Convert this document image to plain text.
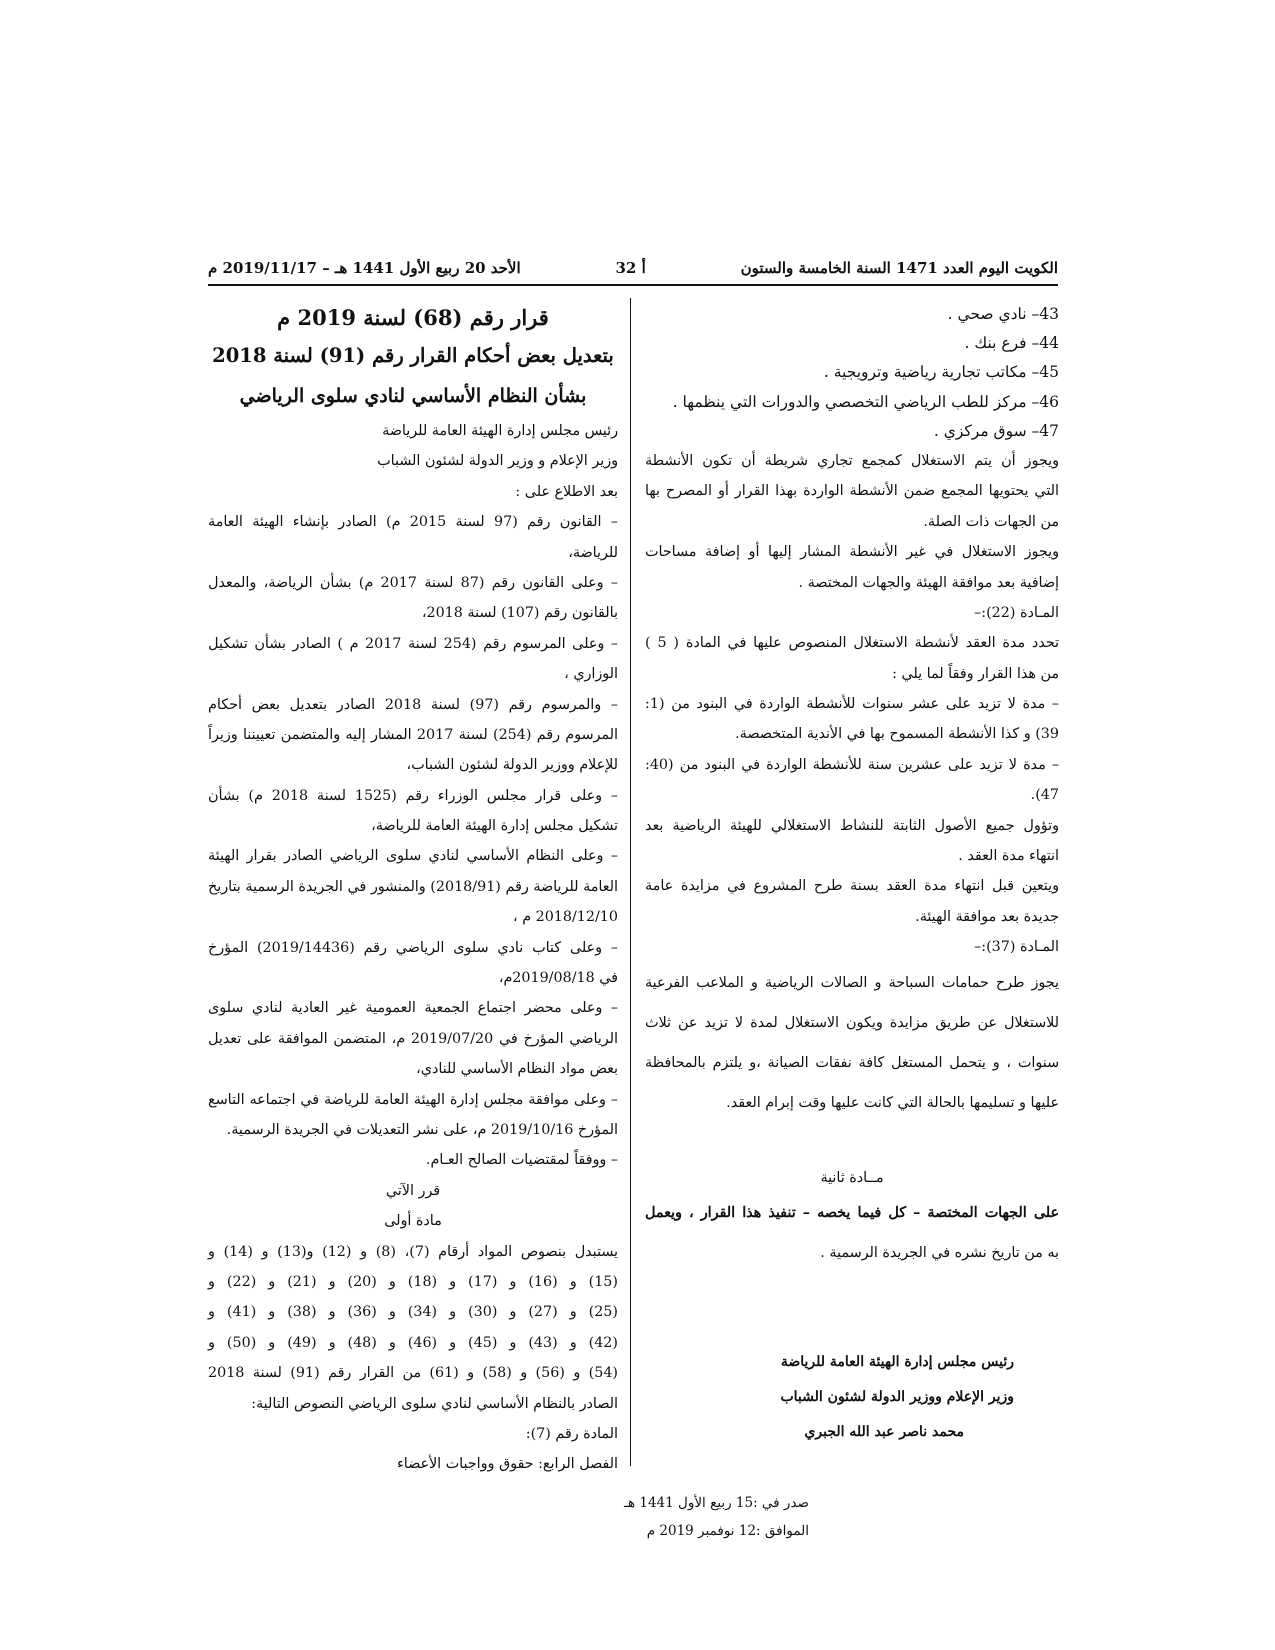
الكويت اليوم العدد 1471 السنة الخامسة والستون
أ 32
الأحد 20 ربيع الأول 1441 هـ – 2019/11/17 م
43– نادي صحي .
44– فرع بنك .
45– مكاتب تجارية رياضية وترويجية .
46– مركز للطب الرياضي التخصصي والدورات التي ينظمها .
47– سوق مركزي .
ويجوز أن يتم الاستغلال كمجمع تجاري شريطة أن تكون الأنشطة
التي يحتويها المجمع ضمن الأنشطة الواردة بهذا القرار أو المصرح بها
من الجهات ذات الصلة.
ويجوز الاستغلال في غير الأنشطة المشار إليها أو إضافة مساحات
إضافية بعد موافقة الهيئة والجهات المختصة .
المـادة (22):–
تحدد مدة العقد لأنشطة الاستغلال المنصوص عليها في المادة ( 5 )
من هذا القرار وفقاً لما يلي :
– مدة لا تزيد على عشر سنوات للأنشطة الواردة في البنود من (1:
39) و كذا الأنشطة المسموح بها في الأندية المتخصصة.
– مدة لا تزيد على عشرين سنة للأنشطة الواردة في البنود من (40:
47).
وتؤول جميع الأصول الثابتة للنشاط الاستغلالي للهيئة الرياضية بعد
انتهاء مدة العقد .
ويتعين قبل انتهاء مدة العقد بسنة طرح المشروع في مزايدة عامة
جديدة بعد موافقة الهيئة.
المـادة (37):–
يجوز طرح حمامات السباحة و الصالات الرياضية و الملاعب الفرعية
للاستغلال عن طريق مزايدة ويكون الاستغلال لمدة لا تزيد عن ثلاث
سنوات ، و يتحمل المستغل كافة نفقات الصيانة ،و يلتزم بالمحافظة
عليها و تسليمها بالحالة التي كانت عليها وقت إبرام العقد.
مــادة ثانية
على الجهات المختصة – كل فيما يخصه – تنفيذ هذا القرار ، ويعمل
به من تاريخ نشره في الجريدة الرسمية .
رئيس مجلس إدارة الهيئة العامة للرياضة
وزير الإعلام ووزير الدولة لشئون الشباب
محمد ناصر عبد الله الجبري
صدر في :15 ربيع الأول 1441 هـ
الموافق :12 نوفمبر 2019 م
قرار رقم (68) لسنة 2019 م
بتعديل بعض أحكام القرار رقم (91) لسنة 2018
بشأن النظام الأساسي لنادي سلوى الرياضي
رئيس مجلس إدارة الهيئة العامة للرياضة
وزير الإعلام و وزير الدولة لشئون الشباب
بعد الاطلاع على :
– القانون رقم (97 لسنة 2015 م) الصادر بإنشاء الهيئة العامة
للرياضة،
– وعلى القانون رقم (87 لسنة 2017 م) بشأن الرياضة، والمعدل
بالقانون رقم (107) لسنة 2018،
– وعلى المرسوم رقم (254 لسنة 2017 م ) الصادر بشأن تشكيل
الوزاري ،
– والمرسوم رقم (97) لسنة 2018 الصادر بتعديل بعض أحكام
المرسوم رقم (254) لسنة 2017 المشار إليه والمتضمن تعييننا وزيراً
للإعلام ووزير الدولة لشئون الشباب،
– وعلى قرار مجلس الوزراء رقم (1525 لسنة 2018 م) بشأن
تشكيل مجلس إدارة الهيئة العامة للرياضة،
– وعلى النظام الأساسي لنادي سلوى الرياضي الصادر بقرار الهيئة
العامة للرياضة رقم (2018/91) والمنشور في الجريدة الرسمية بتاريخ
2018/12/10 م ،
– وعلى كتاب نادي سلوى الرياضي رقم (2019/14436) المؤرخ
في 2019/08/18م،
– وعلى محضر اجتماع الجمعية العمومية غير العادية لنادي سلوى
الرياضي المؤرخ في 2019/07/20 م، المتضمن الموافقة على تعديل
بعض مواد النظام الأساسي للنادي،
– وعلى موافقة مجلس إدارة الهيئة العامة للرياضة في اجتماعه التاسع
المؤرخ 2019/10/16 م، على نشر التعديلات في الجريدة الرسمية.
– ووفقاً لمقتضيات الصالح العـام.
قرر الآتي
مادة أولى
يستبدل بنصوص المواد أرقام (7)، (8) و (12) و(13) و (14) و
(15) و (16) و (17) و (18) و (20) و (21) و (22) و
(25) و (27) و (30) و (34) و (36) و (38) و (41) و
(42) و (43) و (45) و (46) و (48) و (49) و (50) و
(54) و (56) و (58) و (61) من القرار رقم (91) لسنة 2018
الصادر بالنظام الأساسي لنادي سلوى الرياضي النصوص التالية:
المادة رقم (7):
الفصل الرابع: حقوق وواجبات الأعضاء
